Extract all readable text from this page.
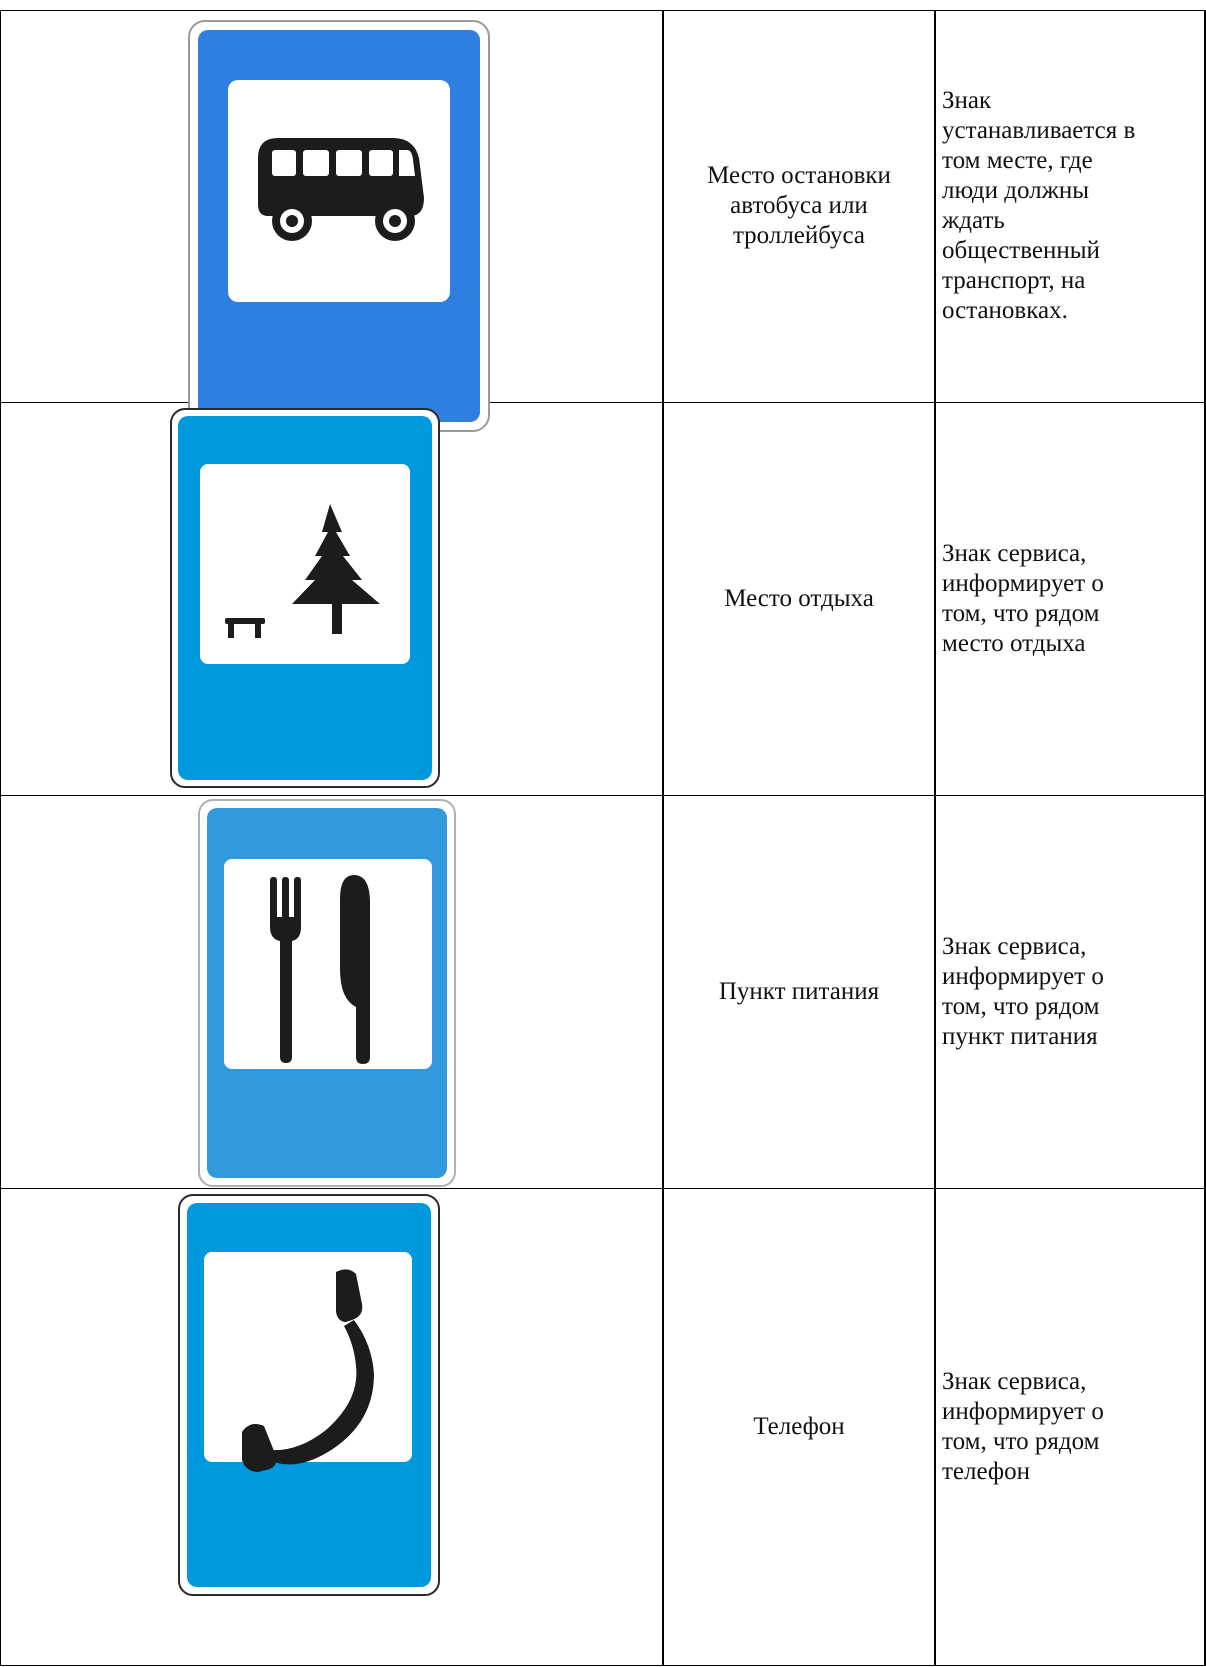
Место остановки
автобуса или
троллейбуса
Знак
устанавливается в
том месте, где
люди должны
ждать
общественный
транспорт, на
остановках.
Место отдыха
Знак сервиса,
информирует о
том, что рядом
место отдыха
Пункт питания
Знак сервиса,
информирует о
том, что рядом
пункт питания
Телефон
Знак сервиса,
информирует о
том, что рядом
телефон
